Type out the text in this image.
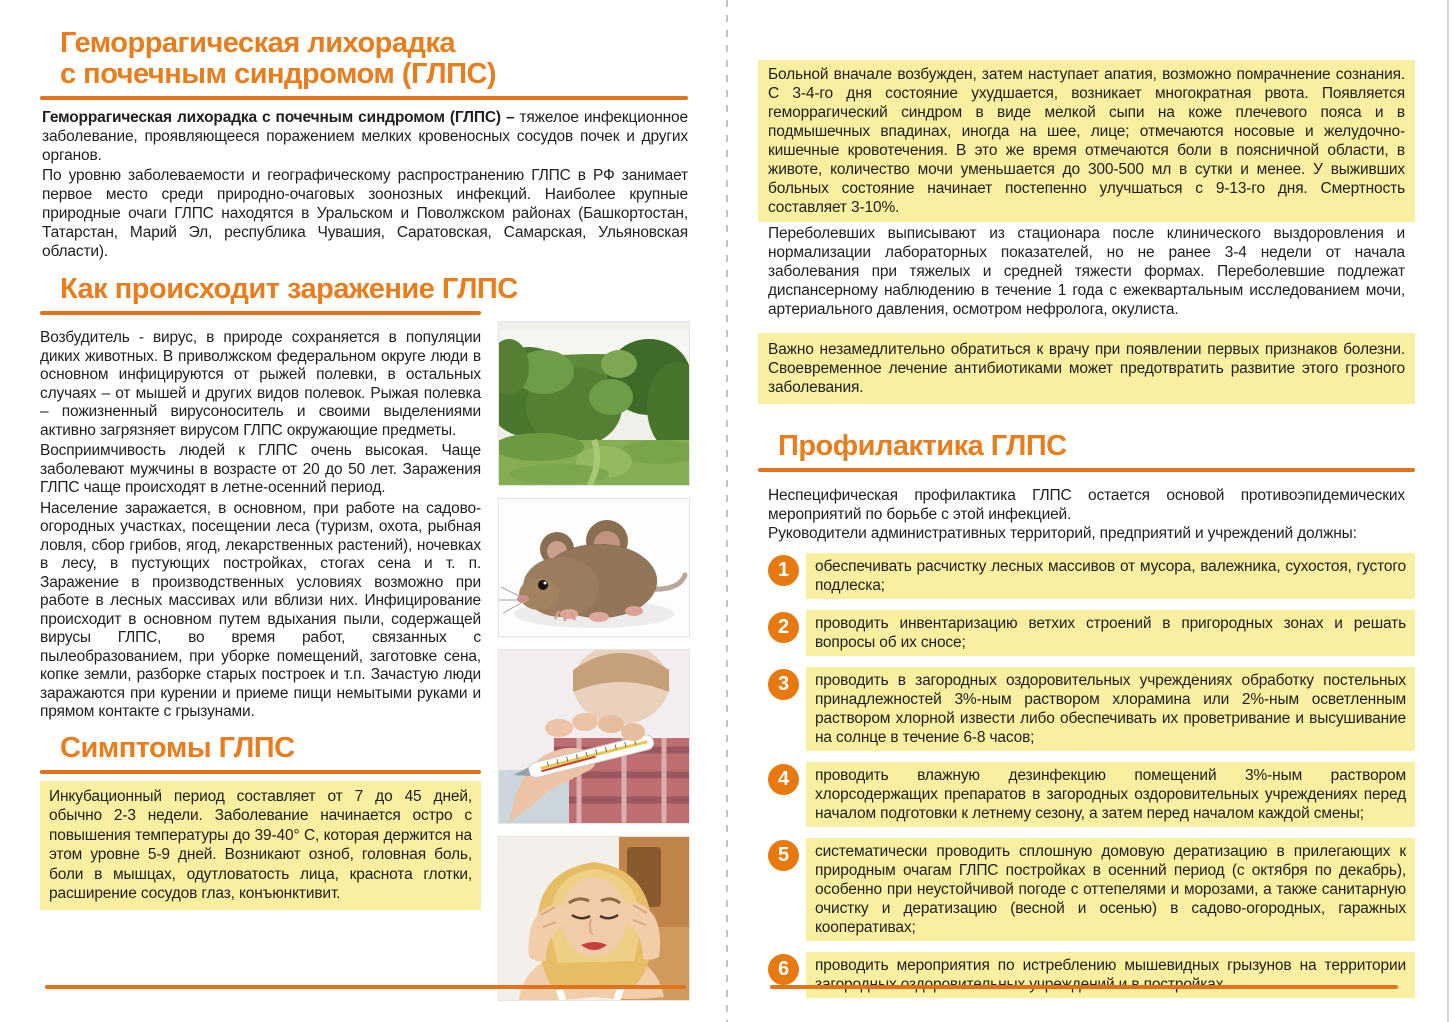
Геморрагическая лихорадка
с почечным синдромом (ГЛПС)

Геморрагическая лихорадка с почечным синдромом (ГЛПС) – тяжелое инфекционное заболевание, проявляющееся поражением мелких кровеносных сосудов почек и других органов.

По уровню заболеваемости и географическому распространению ГЛПС в РФ занимает первое место среди природно-очаговых зоонозных инфекций. Наиболее крупные природные очаги ГЛПС находятся в Уральском и Поволжском районах (Башкортостан, Татарстан, Марий Эл, республика Чувашия, Саратовская, Самарская, Ульяновская области).

Как происходит заражение ГЛПС

Возбудитель - вирус, в природе сохраняется в популяции диких животных. В приволжском федеральном округе люди в основном инфицируются от рыжей полевки, в остальных случаях – от мышей и других видов полевок. Рыжая полевка – пожизненный вирусоноситель и своими выделениями активно загрязняет вирусом ГЛПС окружающие предметы.

Восприимчивость людей к ГЛПС очень высокая. Чаще заболевают мужчины в возрасте от 20 до 50 лет. Заражения ГЛПС чаще происходят в летне-осенний период.

Население заражается, в основном, при работе на садово-огородных участках, посещении леса (туризм, охота, рыбная ловля, сбор грибов, ягод, лекарственных растений), ночевках в лесу, в пустующих постройках, стогах сена и т. п. Заражение в производственных условиях возможно при работе в лесных массивах или вблизи них. Инфицирование происходит в основном путем вдыхания пыли, содержащей вирусы ГЛПС, во время работ, связанных с пылеобразованием, при уборке помещений, заготовке сена, копке земли, разборке старых построек и т.п. Зачастую люди заражаются при курении и приеме пищи немытыми руками и прямом контакте с грызунами.

Симптомы ГЛПС
Инкубационный период составляет от 7 до 45 дней, обычно 2-3 недели. Заболевание начинается остро с повышения температуры до 39-40° С, которая держится на этом уровне 5-9 дней. Возникают озноб, головная боль, боли в мышцах, одутловатость лица, краснота глотки, расширение сосудов глаз, конъюнктивит.
Больной вначале возбужден, затем наступает апатия, возможно помрачнение сознания. С 3-4-го дня состояние ухудшается, возникает многократная рвота. Появляется геморрагический синдром в виде мелкой сыпи на коже плечевого пояса и в подмышечных впадинах, иногда на шее, лице; отмечаются носовые и желудочно-кишечные кровотечения. В это же время отмечаются боли в поясничной области, в животе, количество мочи уменьшается до 300-500 мл в сутки и менее. У выживших больных состояние начинает постепенно улучшаться с 9-13-го дня. Смертность составляет 3-10%.

Переболевших выписывают из стационара после клинического выздоровления и нормализации лабораторных показателей, но не ранее 3-4 недели от начала заболевания при тяжелых и средней тяжести формах. Переболевшие подлежат диспансерному наблюдению в течение 1 года с ежеквартальным исследованием мочи, артериального давления, осмотром нефролога, окулиста.

Важно незамедлительно обратиться к врачу при появлении первых признаков болезни. Своевременное лечение антибиотиками может предотвратить развитие этого грозного заболевания.
Профилактика ГЛПС

Неспецифическая профилактика ГЛПС остается основой противоэпидемических мероприятий по борьбе с этой инфекцией.

Руководители административных территорий, предприятий и учреждений должны:

1	обеспечивать расчистку лесных массивов от мусора, валежника, сухостоя, густого подлеска;
2	проводить инвентаризацию ветхих строений в пригородных зонах и решать вопросы об их сносе;
3	проводить в загородных оздоровительных учреждениях обработку постельных принадлежностей 3%-ным раствором хлорамина или 2%-ным осветленным раствором хлорной извести либо обеспечивать их проветривание и высушивание на солнце в течение 6-8 часов;
4	проводить влажную дезинфекцию помещений 3%-ным раствором хлорсодержащих препаратов в загородных оздоровительных учреждениях перед началом подготовки к летнему сезону, а затем перед началом каждой смены;
5	систематически проводить сплошную домовую дератизацию в прилегающих к природным очагам ГЛПС постройках в осенний период (с октября по декабрь), особенно при неустойчивой погоде с оттепелями и морозами, а также санитарную очистку и дератизацию (весной и осенью) в садово-огородных, гаражных кооперативах;
6	проводить мероприятия по истреблению мышевидных грызунов на территории
